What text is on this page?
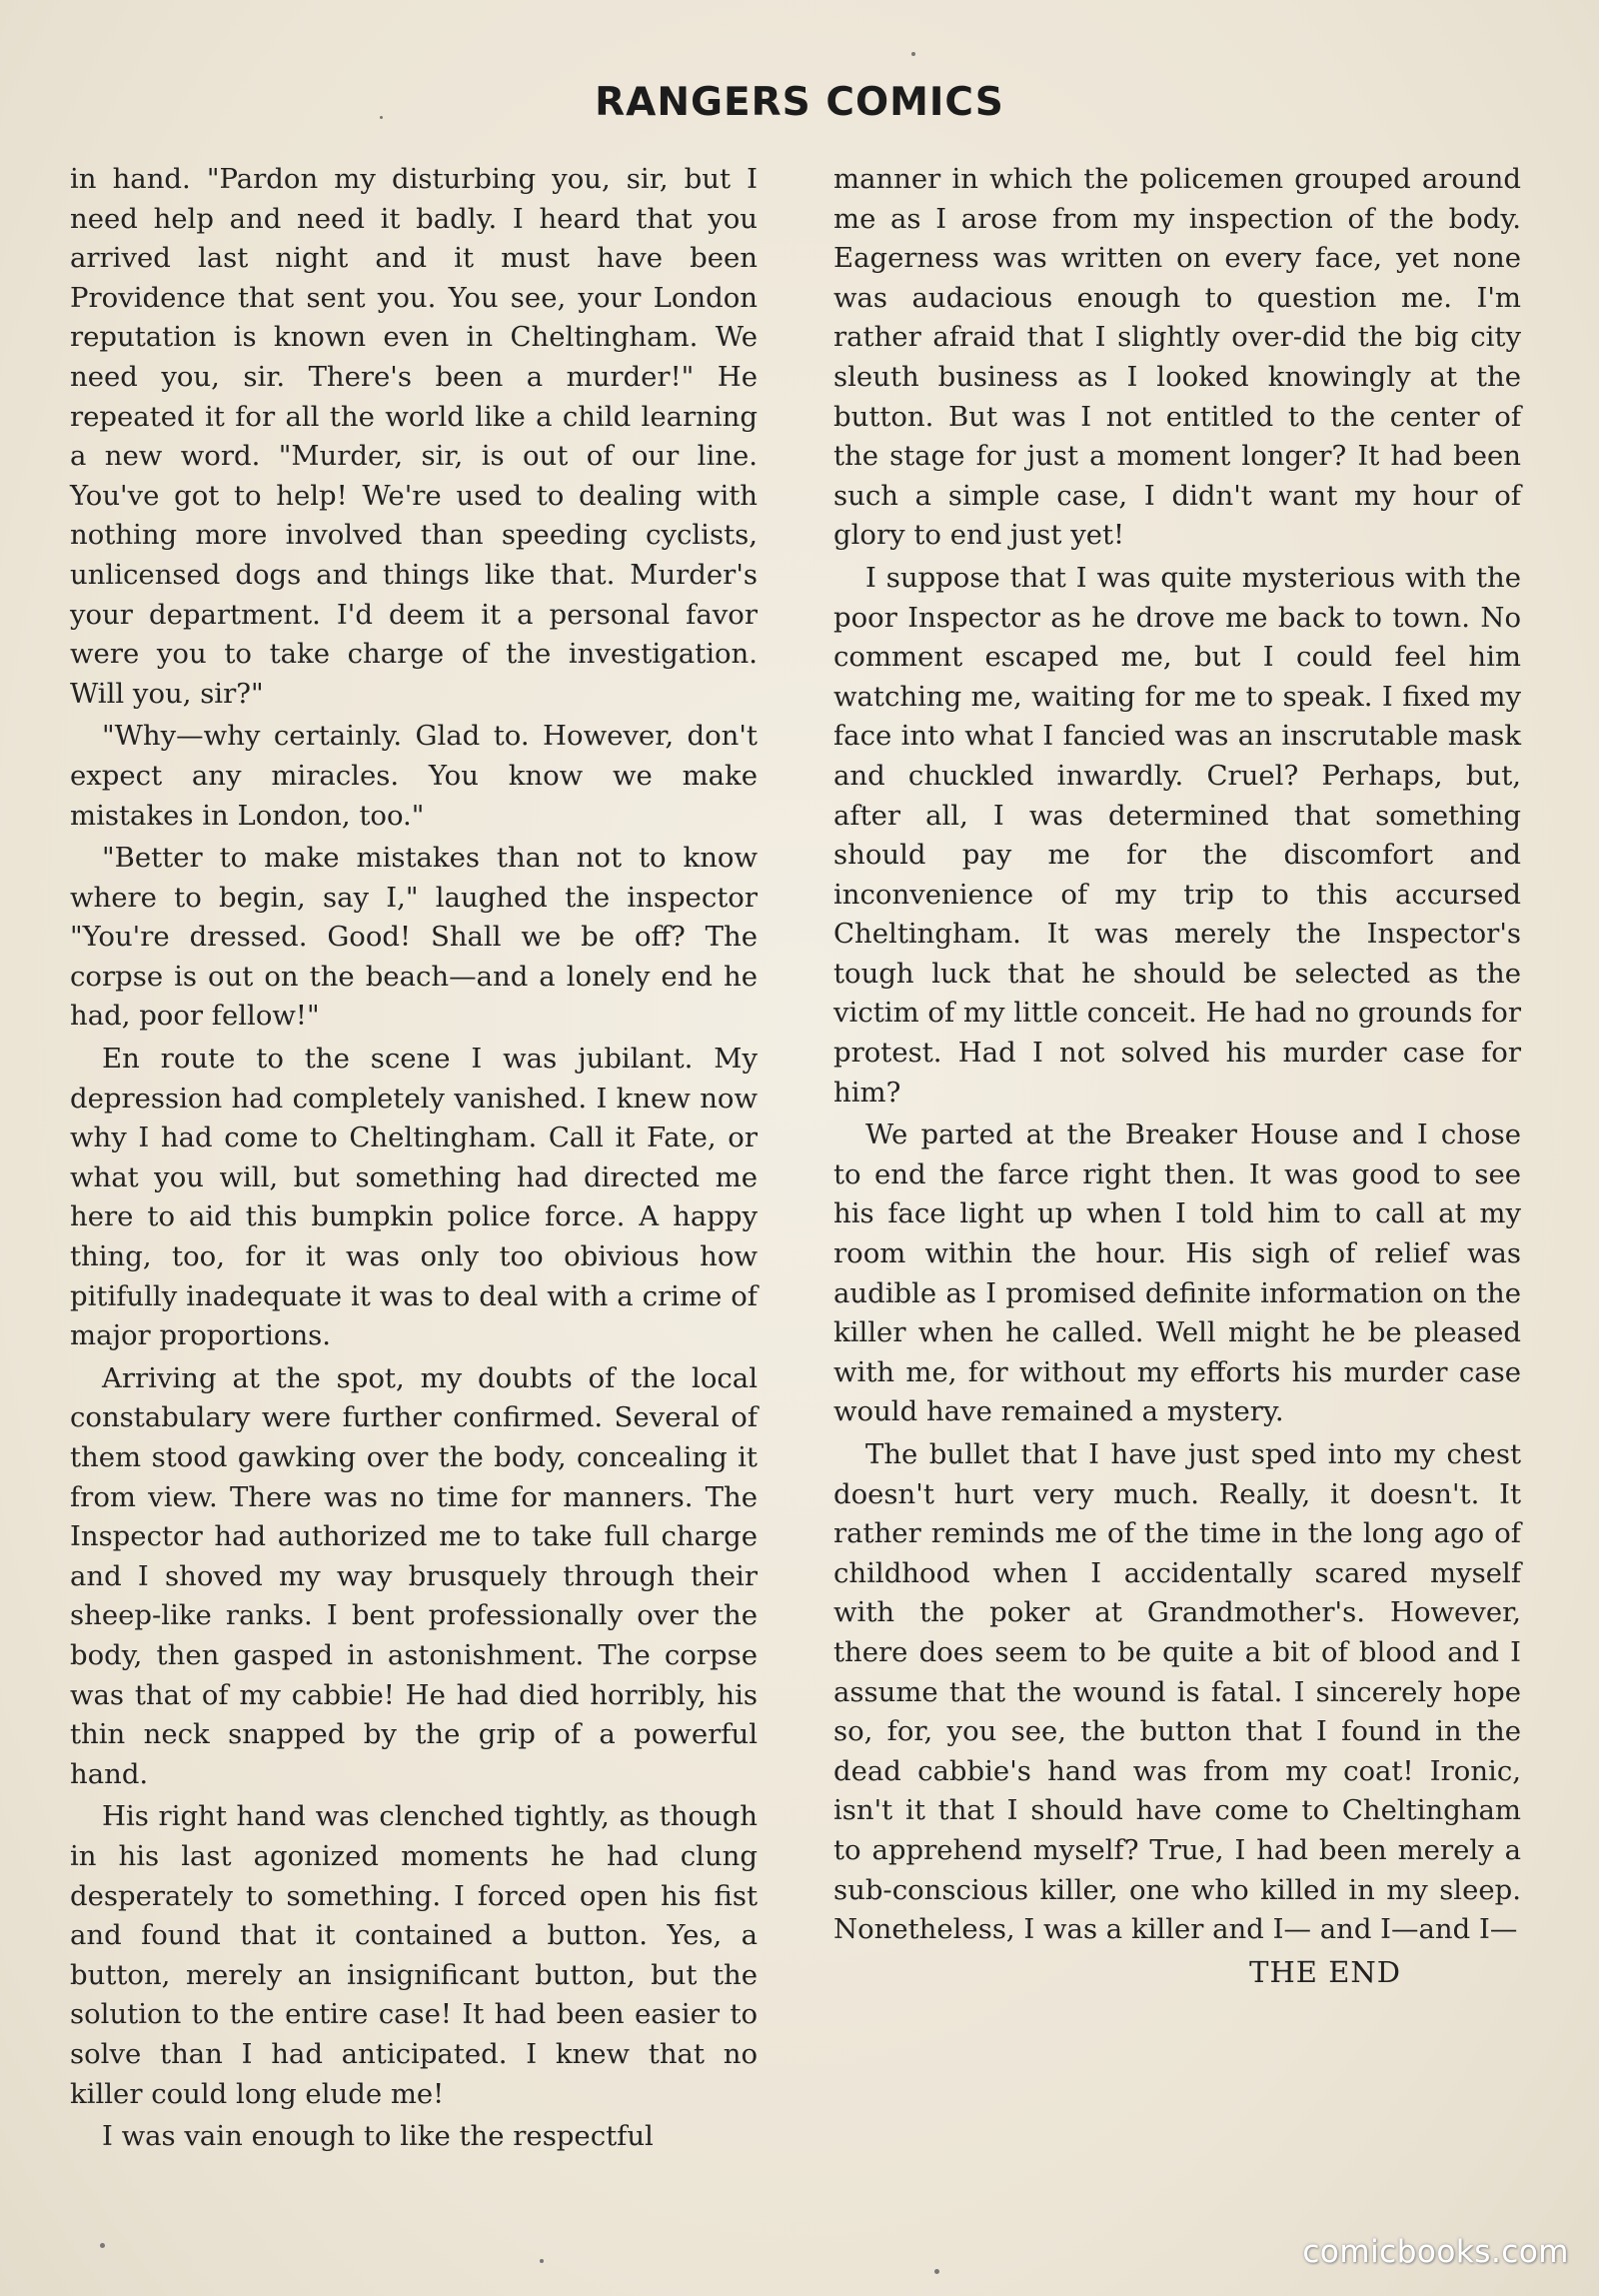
RANGERS COMICS

in hand. "Pardon my disturbing you, sir, but I need help and need it badly. I heard that you arrived last night and it must have been Providence that sent you. You see, your London reputation is known even in Cheltingham. We need you, sir. There's been a murder!" He repeated it for all the world like a child learning a new word. "Murder, sir, is out of our line. You've got to help! We're used to dealing with nothing more involved than speeding cyclists, unlicensed dogs and things like that. Murder's your department. I'd deem it a personal favor were you to take charge of the investigation. Will you, sir?"

"Why—why certainly. Glad to. However, don't expect any miracles. You know we make mistakes in London, too."

"Better to make mistakes than not to know where to begin, say I," laughed the inspector "You're dressed. Good! Shall we be off? The corpse is out on the beach—and a lonely end he had, poor fellow!"

En route to the scene I was jubilant. My depression had completely vanished. I knew now why I had come to Cheltingham. Call it Fate, or what you will, but something had directed me here to aid this bumpkin police force. A happy thing, too, for it was only too obivious how pitifully inadequate it was to deal with a crime of major proportions.

Arriving at the spot, my doubts of the local constabulary were further confirmed. Several of them stood gawking over the body, concealing it from view. There was no time for manners. The Inspector had authorized me to take full charge and I shoved my way brusquely through their sheep-like ranks. I bent professionally over the body, then gasped in astonishment. The corpse was that of my cabbie! He had died horribly, his thin neck snapped by the grip of a powerful hand.

His right hand was clenched tightly, as though in his last agonized moments he had clung desperately to something. I forced open his fist and found that it contained a button. Yes, a button, merely an insignificant button, but the solution to the entire case! It had been easier to solve than I had anticipated. I knew that no killer could long elude me!

I was vain enough to like the respectful

manner in which the policemen grouped around me as I arose from my inspection of the body. Eagerness was written on every face, yet none was audacious enough to question me. I'm rather afraid that I slightly over-did the big city sleuth business as I looked knowingly at the button. But was I not entitled to the center of the stage for just a moment longer? It had been such a simple case, I didn't want my hour of glory to end just yet!

I suppose that I was quite mysterious with the poor Inspector as he drove me back to town. No comment escaped me, but I could feel him watching me, waiting for me to speak. I fixed my face into what I fancied was an inscrutable mask and chuckled inwardly. Cruel? Perhaps, but, after all, I was determined that something should pay me for the discomfort and inconvenience of my trip to this accursed Cheltingham. It was merely the Inspector's tough luck that he should be selected as the victim of my little conceit. He had no grounds for protest. Had I not solved his murder case for him?

We parted at the Breaker House and I chose to end the farce right then. It was good to see his face light up when I told him to call at my room within the hour. His sigh of relief was audible as I promised definite information on the killer when he called. Well might he be pleased with me, for without my efforts his murder case would have remained a mystery.

The bullet that I have just sped into my chest doesn't hurt very much. Really, it doesn't. It rather reminds me of the time in the long ago of childhood when I accidentally scared myself with the poker at Grandmother's. However, there does seem to be quite a bit of blood and I assume that the wound is fatal. I sincerely hope so, for, you see, the button that I found in the dead cabbie's hand was from my coat! Ironic, isn't it that I should have come to Cheltingham to apprehend myself? True, I had been merely a sub-conscious killer, one who killed in my sleep. Nonetheless, I was a killer and I— and I—and I—

THE END
comicbooks.com
